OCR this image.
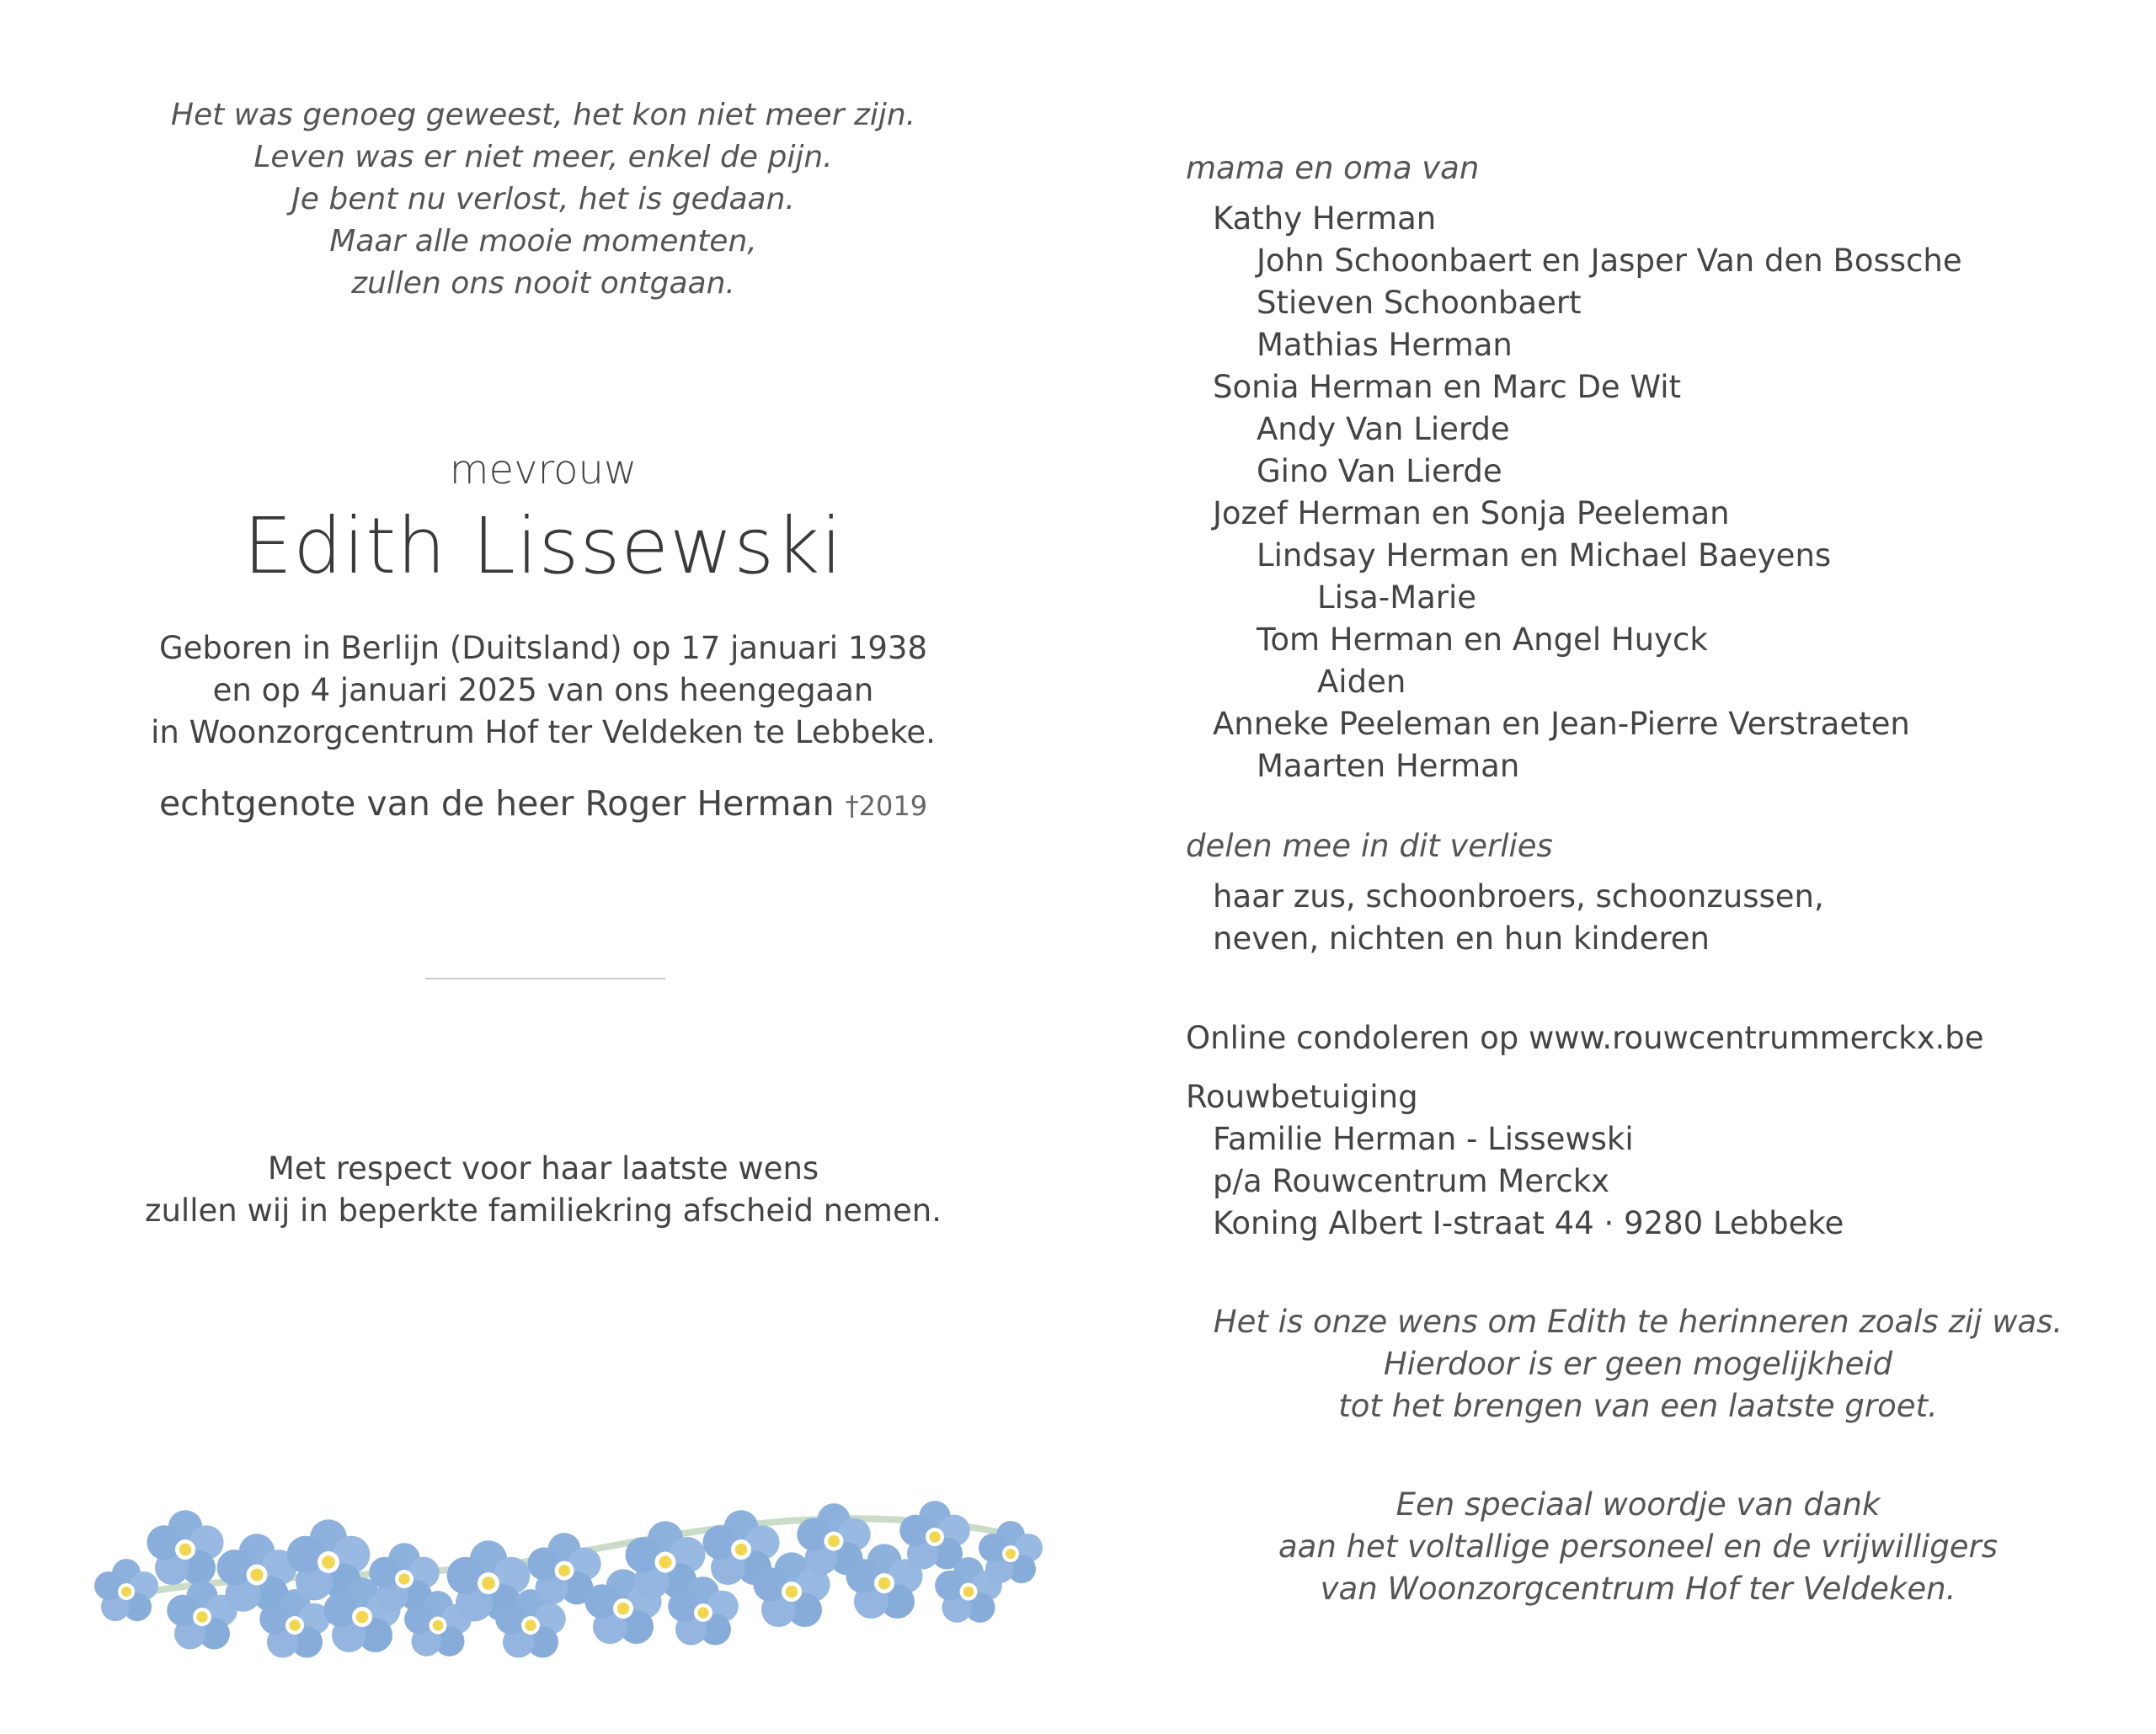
Het was genoeg geweest, het kon niet meer zijn.
Leven was er niet meer, enkel de pijn.
Je bent nu verlost, het is gedaan.
Maar alle mooie momenten,
zullen ons nooit ontgaan.
mevrouw
Edith Lissewski
Geboren in Berlijn (Duitsland) op 17 januari 1938
en op 4 januari 2025 van ons heengegaan
in Woonzorgcentrum Hof ter Veldeken te Lebbeke.
echtgenote van de heer Roger Herman †2019
Met respect voor haar laatste wens
zullen wij in beperkte familiekring afscheid nemen.
mama en oma van
Kathy Herman
John Schoonbaert en Jasper Van den Bossche
Stieven Schoonbaert
Mathias Herman
Sonia Herman en Marc De Wit
Andy Van Lierde
Gino Van Lierde
Jozef Herman en Sonja Peeleman
Lindsay Herman en Michael Baeyens
Lisa-Marie
Tom Herman en Angel Huyck
Aiden
Anneke Peeleman en Jean-Pierre Verstraeten
Maarten Herman
delen mee in dit verlies
haar zus, schoonbroers, schoonzussen,
neven, nichten en hun kinderen
Online condoleren op www.rouwcentrummerckx.be
Rouwbetuiging
Familie Herman - Lissewski
p/a Rouwcentrum Merckx
Koning Albert I-straat 44 · 9280 Lebbeke
Het is onze wens om Edith te herinneren zoals zij was.
Hierdoor is er geen mogelijkheid
tot het brengen van een laatste groet.
Een speciaal woordje van dank
aan het voltallige personeel en de vrijwilligers
van Woonzorgcentrum Hof ter Veldeken.
